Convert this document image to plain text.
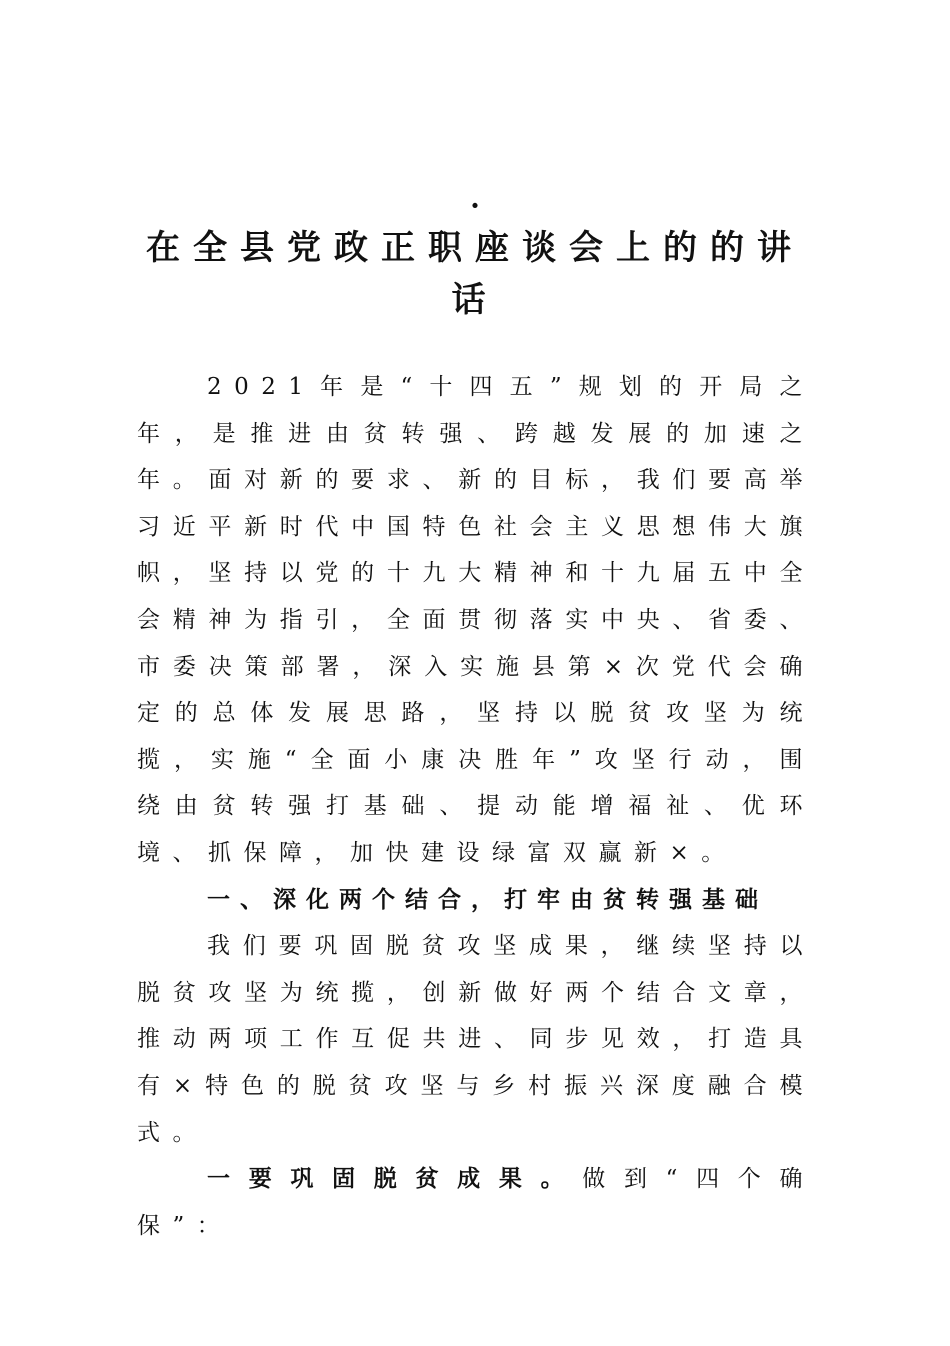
·
在全县党政正职座谈会上的的讲话

2021年是“十四五”规划的开局之年，是推进由贫转强、跨越发展的加速之年。面对新的要求、新的目标，我们要高举习近平新时代中国特色社会主义思想伟大旗帜，坚持以党的十九大精神和十九届五中全会精神为指引，全面贯彻落实中央、省委、市委决策部署，深入实施县第×次党代会确定的总体发展思路，坚持以脱贫攻坚为统揽，实施“全面小康决胜年”攻坚行动，围绕由贫转强打基础、提动能增福祉、优环境、抓保障，加快建设绿富双赢新×。

一、深化两个结合，打牢由贫转强基础

我们要巩固脱贫攻坚成果，继续坚持以脱贫攻坚为统揽，创新做好两个结合文章，推动两项工作互促共进、同步见效，打造具有×特色的脱贫攻坚与乡村振兴深度融合模式。

一要巩固脱贫成果。做到“四个确保”：
